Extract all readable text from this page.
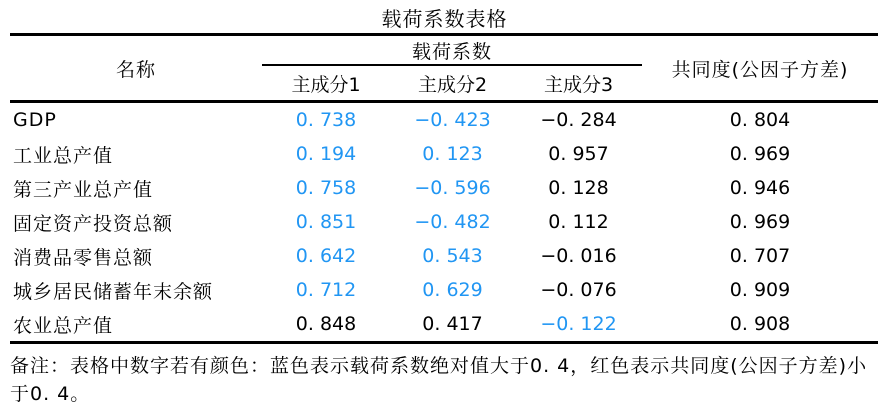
载荷系数表格
名称	载荷系数			共同度(公因子方差)
	主成分1	主成分2	主成分3	
GDP	0. 738	−0. 423	−0. 284	0. 804
工业总产值	0. 194	0. 123	0. 957	0. 969
第三产业总产值	0. 758	−0. 596	0. 128	0. 946
固定资产投资总额	0. 851	−0. 482	0. 112	0. 969
消费品零售总额	0. 642	0. 543	−0. 016	0. 707
城乡居民储蓄年末余额	0. 712	0. 629	−0. 076	0. 909
农业总产值	0. 848	0. 417	−0. 122	0. 908
备注：表格中数字若有颜色：蓝色表示载荷系数绝对值大于0. 4，红色表示共同度(公因子方差)小于0. 4。
